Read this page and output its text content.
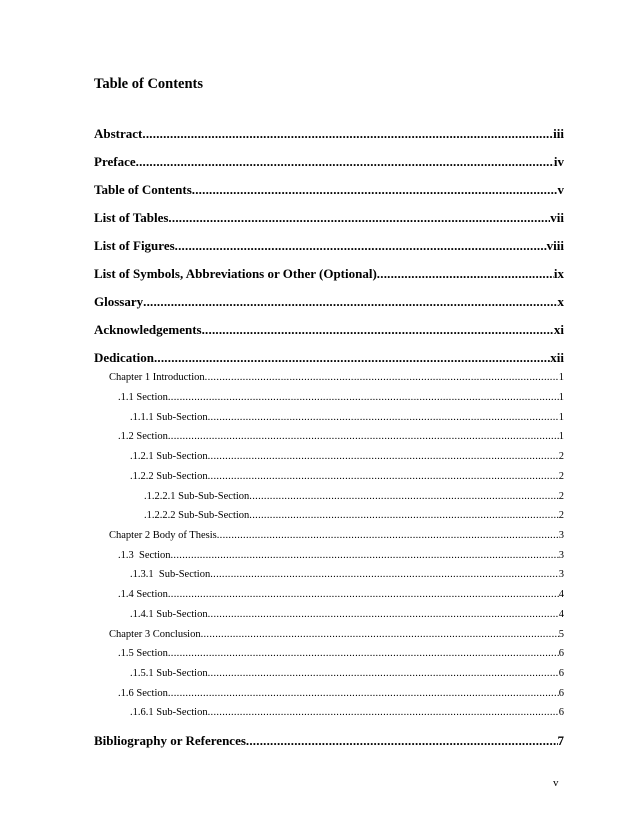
Table of Contents
Abstract .....	iii
Preface .....	iv
Table of Contents .....	v
List of Tables .....	vii
List of Figures .....	viii
List of Symbols, Abbreviations or Other (Optional) .....	ix
Glossary .....	x
Acknowledgements .....	xi
Dedication .....	xii
Chapter 1 Introduction .....	1
.1.1 Section .....	1
.1.1.1 Sub-Section .....	1
.1.2 Section .....	1
.1.2.1 Sub-Section .....	2
.1.2.2 Sub-Section .....	2
.1.2.2.1 Sub-Sub-Section .....	2
.1.2.2.2 Sub-Sub-Section .....	2
Chapter 2 Body of Thesis .....	3
.1.3  Section .....	3
.1.3.1  Sub-Section .....	3
.1.4 Section .....	4
.1.4.1 Sub-Section .....	4
Chapter 3 Conclusion .....	5
.1.5 Section .....	6
.1.5.1 Sub-Section .....	6
.1.6 Section .....	6
.1.6.1 Sub-Section .....	6
Bibliography or References .....	7
v
